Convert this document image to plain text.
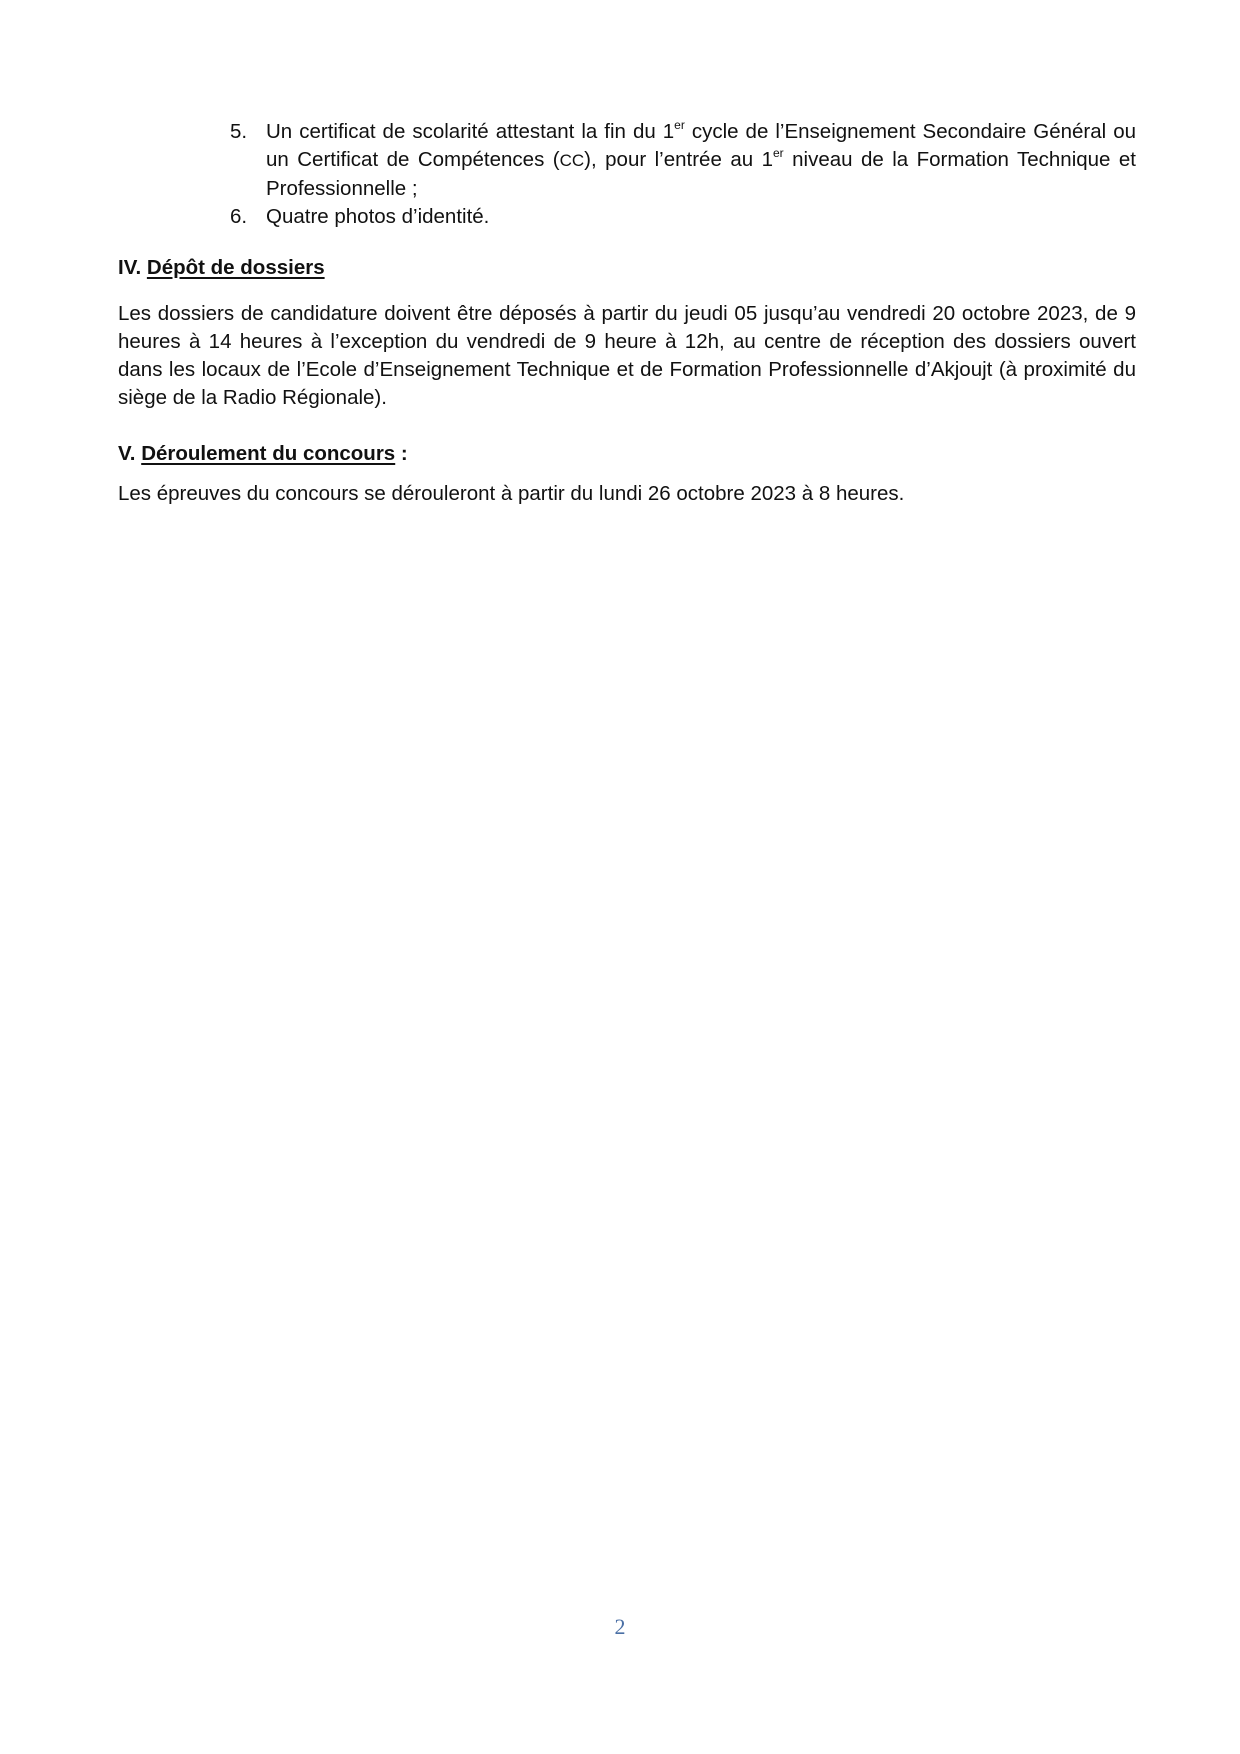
5. Un certificat de scolarité attestant la fin du 1er cycle de l’Enseignement Secondaire Général ou un Certificat de Compétences (CC), pour l’entrée au 1er niveau de la Formation Technique et Professionnelle ;
6. Quatre photos d’identité.
IV. Dépôt de dossiers

Les dossiers de candidature doivent être déposés à partir du jeudi 05 jusqu’au vendredi 20 octobre 2023, de 9 heures à 14 heures à l’exception du vendredi de 9 heure à 12h, au centre de réception des dossiers ouvert dans les locaux de l’Ecole d’Enseignement Technique et de Formation Professionnelle d’Akjoujt (à proximité du siège de la Radio Régionale).

V. Déroulement du concours :

Les épreuves du concours se dérouleront à partir du lundi 26 octobre 2023 à 8 heures.

2
